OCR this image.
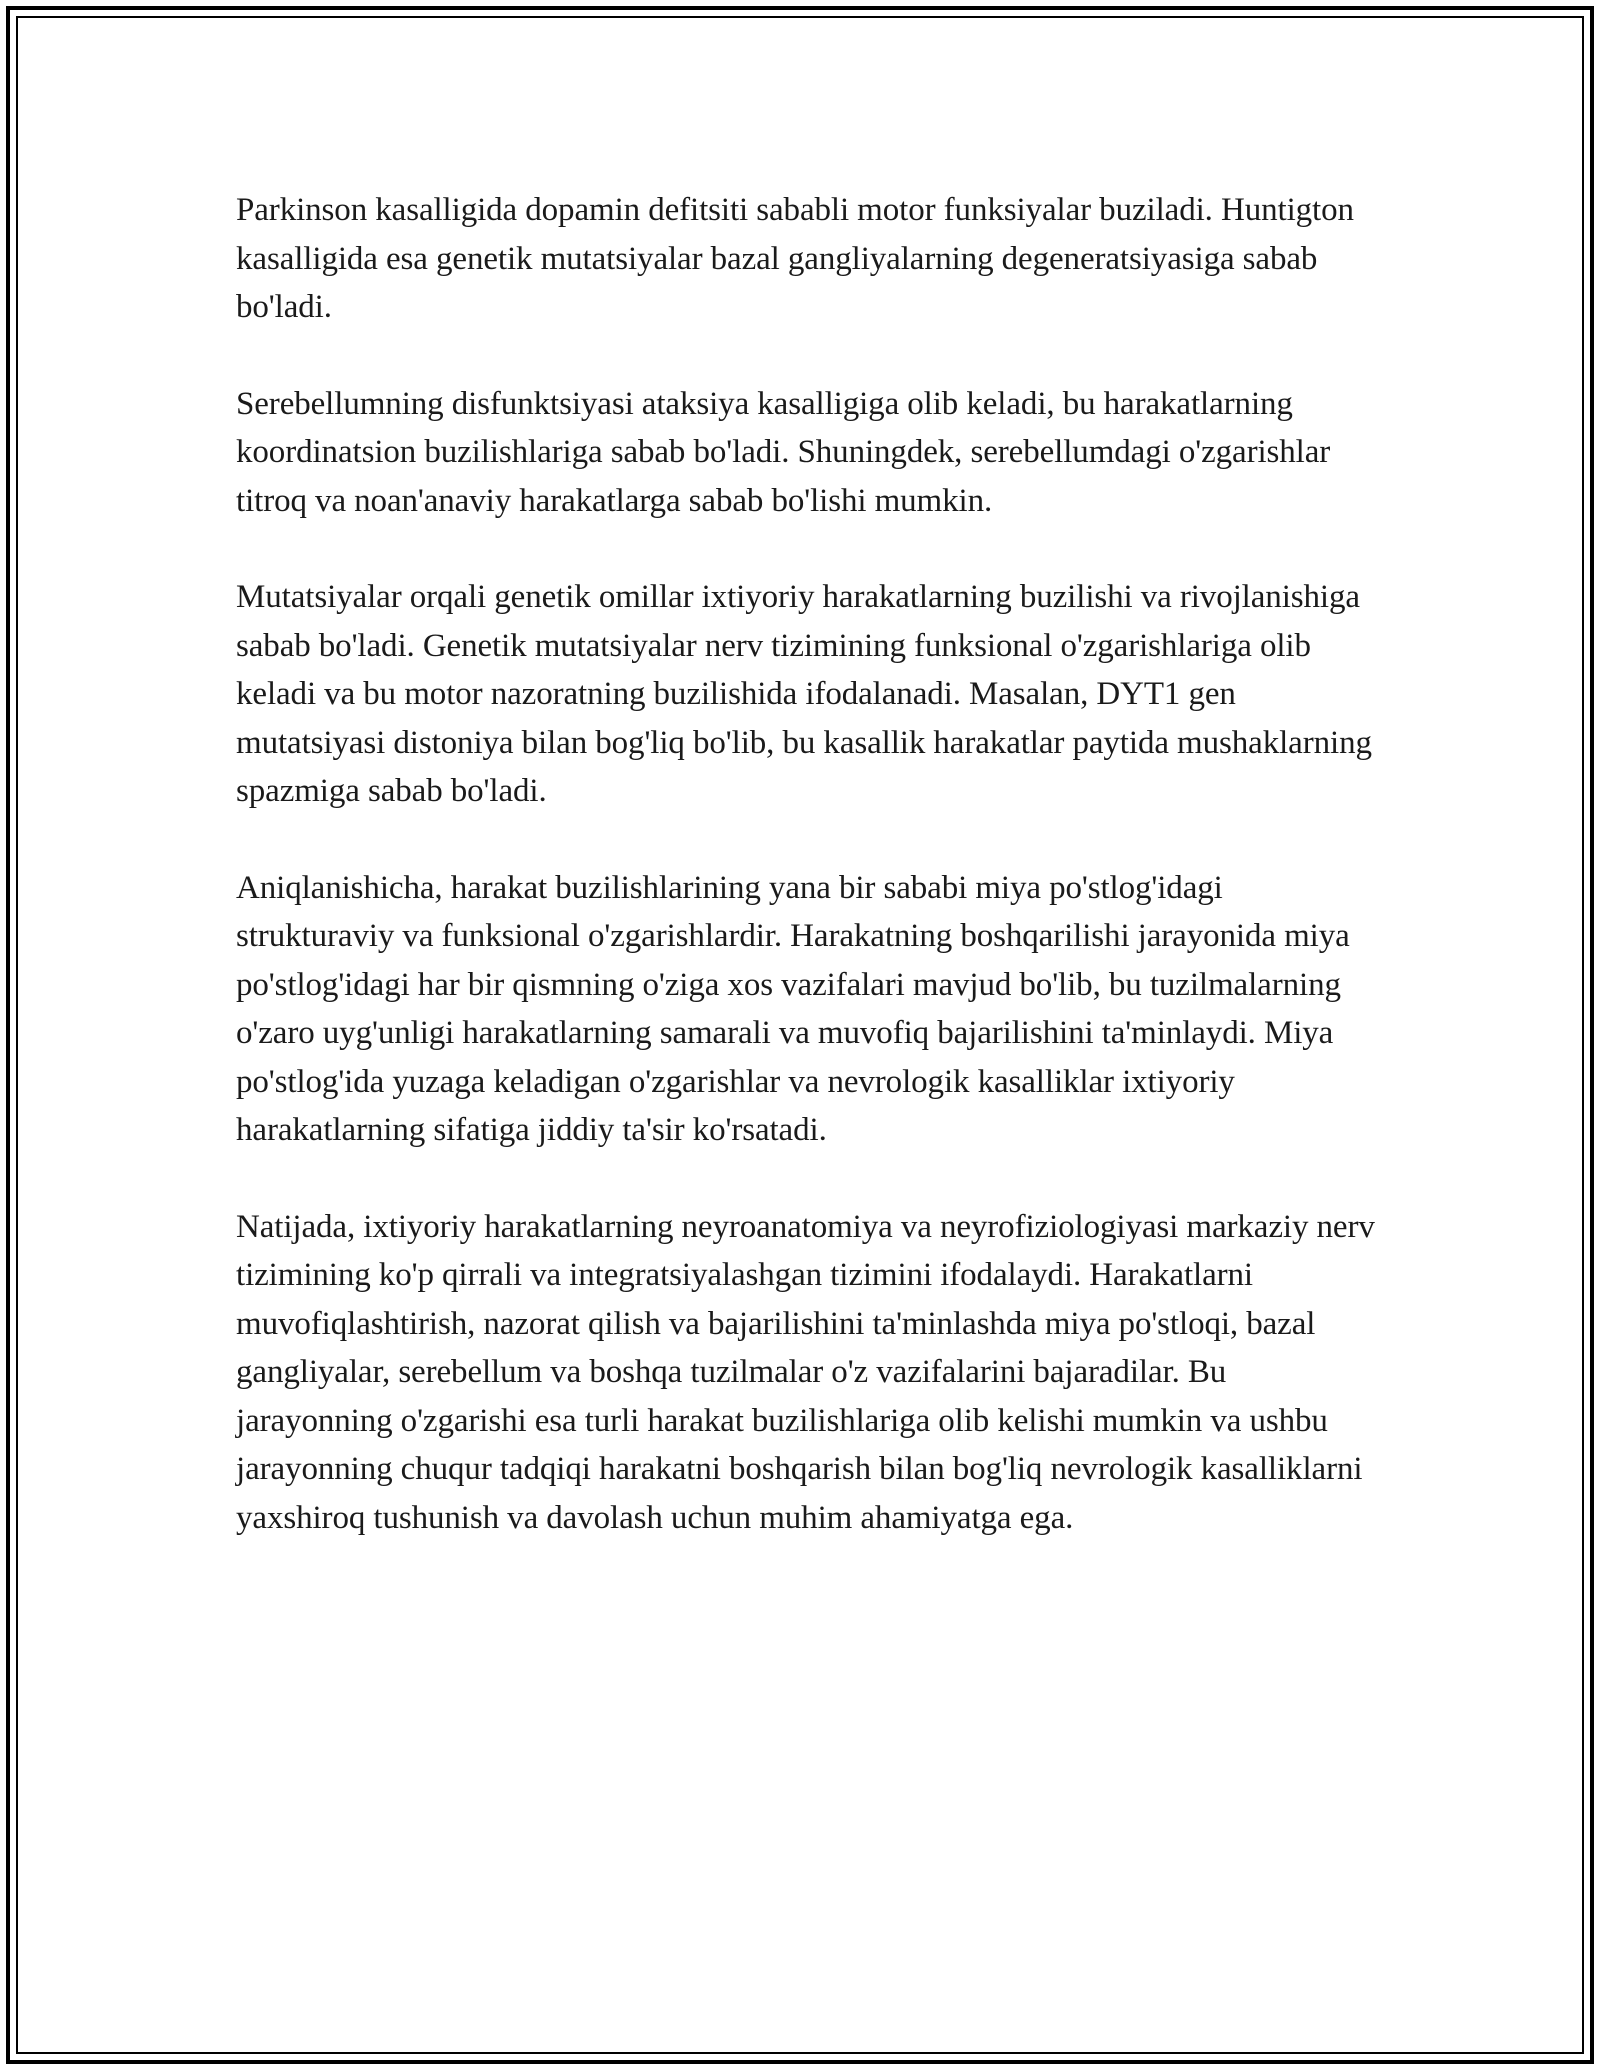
Parkinson kasalligida dopamin defitsiti sababli motor funksiyalar buziladi. Huntigton kasalligida esa genetik mutatsiyalar bazal gangliyalarning degeneratsiyasiga sabab bo'ladi.

Serebellumning disfunktsiyasi ataksiya kasalligiga olib keladi, bu harakatlarning koordinatsion buzilishlariga sabab bo'ladi. Shuningdek, serebellumdagi o'zgarishlar titroq va noan'anaviy harakatlarga sabab bo'lishi mumkin.

Mutatsiyalar orqali genetik omillar ixtiyoriy harakatlarning buzilishi va rivojlanishiga sabab bo'ladi. Genetik mutatsiyalar nerv tizimining funksional o'zgarishlariga olib keladi va bu motor nazoratning buzilishida ifodalanadi. Masalan, DYT1 gen mutatsiyasi distoniya bilan bog'liq bo'lib, bu kasallik harakatlar paytida mushaklarning spazmiga sabab bo'ladi.

Aniqlanishicha, harakat buzilishlarining yana bir sababi miya po'stlog'idagi strukturaviy va funksional o'zgarishlardir. Harakatning boshqarilishi jarayonida miya po'stlog'idagi har bir qismning o'ziga xos vazifalari mavjud bo'lib, bu tuzilmalarning o'zaro uyg'unligi harakatlarning samarali va muvofiq bajarilishini ta'minlaydi. Miya po'stlog'ida yuzaga keladigan o'zgarishlar va nevrologik kasalliklar ixtiyoriy harakatlarning sifatiga jiddiy ta'sir ko'rsatadi.

Natijada, ixtiyoriy harakatlarning neyroanatomiya va neyrofiziologiyasi markaziy nerv tizimining ko'p qirrali va integratsiyalashgan tizimini ifodalaydi. Harakatlarni muvofiqlashtirish, nazorat qilish va bajarilishini ta'minlashda miya po'stloqi, bazal gangliyalar, serebellum va boshqa tuzilmalar o'z vazifalarini bajaradilar. Bu jarayonning o'zgarishi esa turli harakat buzilishlariga olib kelishi mumkin va ushbu jarayonning chuqur tadqiqi harakatni boshqarish bilan bog'liq nevrologik kasalliklarni yaxshiroq tushunish va davolash uchun muhim ahamiyatga ega.
